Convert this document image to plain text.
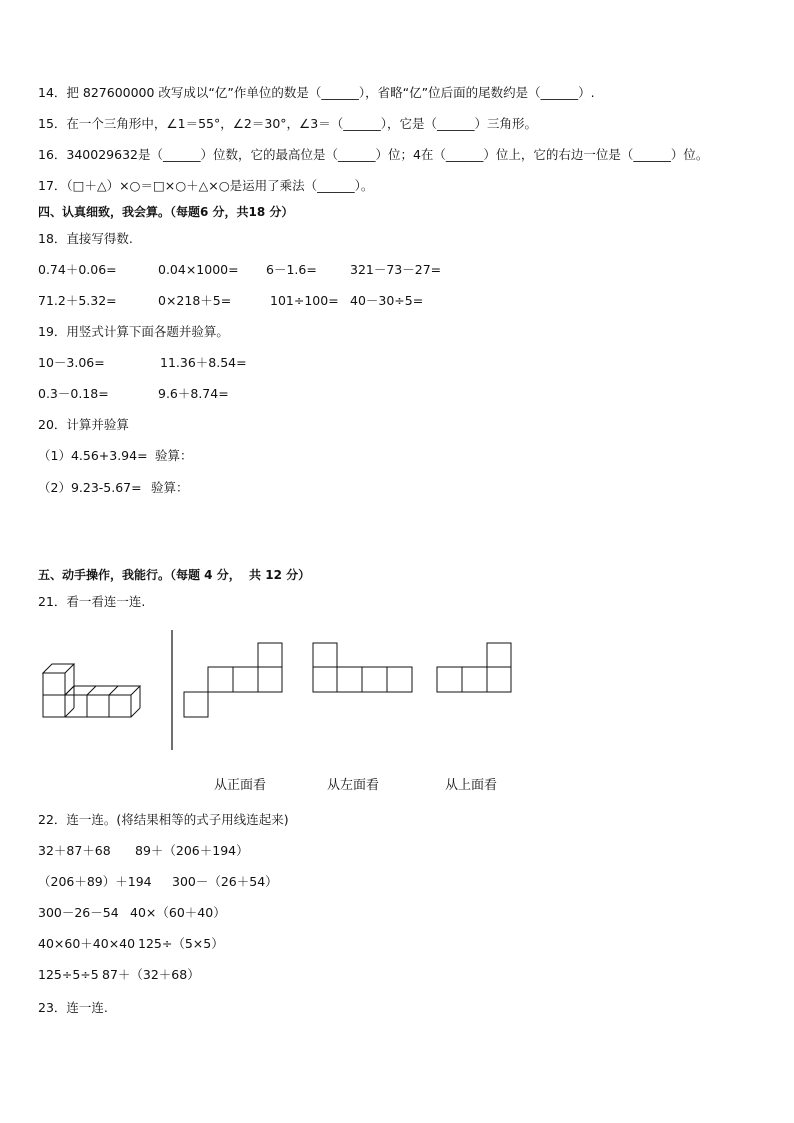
14．把 827600000 改写成以“亿”作单位的数是（______），省略“亿”位后面的尾数约是（______）.
15．在一个三角形中，∠1＝55°，∠2＝30°，∠3＝（______），它是（______）三角形。
16．340029632是（______）位数，它的最高位是（______）位；4在（______）位上，它的右边一位是（______）位。
17．（□＋△）×○＝□×○＋△×○是运用了乘法（______）。
四、认真细致，我会算。（每题6 分，共18 分）
18．直接写得数.
0.74＋0.06=	0.04×1000= 6－1.6=	321－73－27=
71.2＋5.32=	0×218＋5=	101÷100= 40－30÷5=
19．用竖式计算下面各题并验算。
10－3.06=	11.36＋8.54=
0.3－0.18=	9.6＋8.74=
20．计算并验算
（1）4.56+3.94= 验算：
（2）9.23-5.67= 验算：
五、动手操作，我能行。（每题 4 分，  共 12 分）
21．看一看连一连.
从正面看	从左面看	从上面看
22．连一连。(将结果相等的式子用线连起来)
32＋87＋68 89＋（206＋194）
（206＋89）＋194 300－（26＋54）
300－26－54 40×（60＋40）
40×60＋40×40 125÷（5×5）
125÷5÷5 87＋（32＋68）
23．连一连.
